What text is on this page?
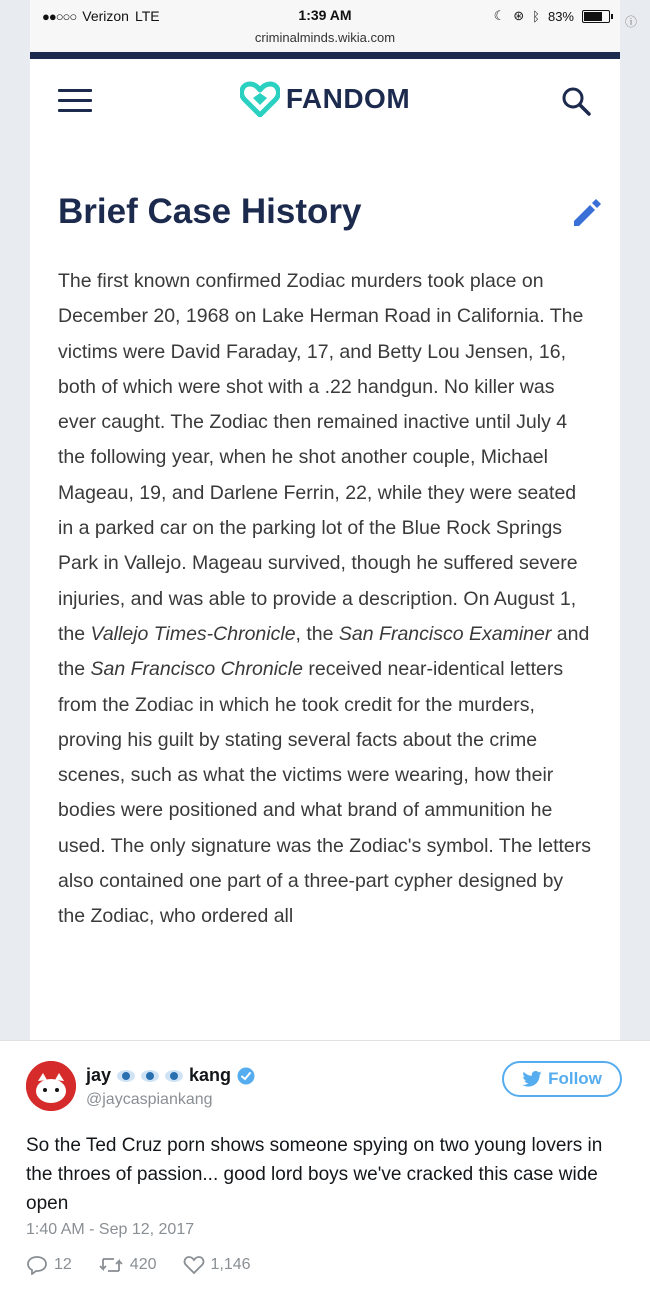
●●○○○ Verizon LTE	1:39 AM
criminalminds.wikia.com
☾ ⊛ ᛒ 83%
FANDOM
Brief Case History
The first known confirmed Zodiac murders took place on December 20, 1968 on Lake Herman Road in California. The victims were David Faraday, 17, and Betty Lou Jensen, 16, both of which were shot with a .22 handgun. No killer was ever caught. The Zodiac then remained inactive until July 4 the following year, when he shot another couple, Michael Mageau, 19, and Darlene Ferrin, 22, while they were seated in a parked car on the parking lot of the Blue Rock Springs Park in Vallejo. Mageau survived, though he suffered severe injuries, and was able to provide a description. On August 1, the Vallejo Times-Chronicle, the San Francisco Examiner and the San Francisco Chronicle received near-identical letters from the Zodiac in which he took credit for the murders, proving his guilt by stating several facts about the crime scenes, such as what the victims were wearing, how their bodies were positioned and what brand of ammunition he used. The only signature was the Zodiac's symbol. The letters also contained one part of a three-part cypher designed by the Zodiac, who ordered all
ⓘ
jay	kang
@jaycaspiankang
Follow
So the Ted Cruz porn shows someone spying on two young lovers in the throes of passion... good lord boys we've cracked this case wide open
1:40 AM - Sep 12, 2017
12	420	1,146
